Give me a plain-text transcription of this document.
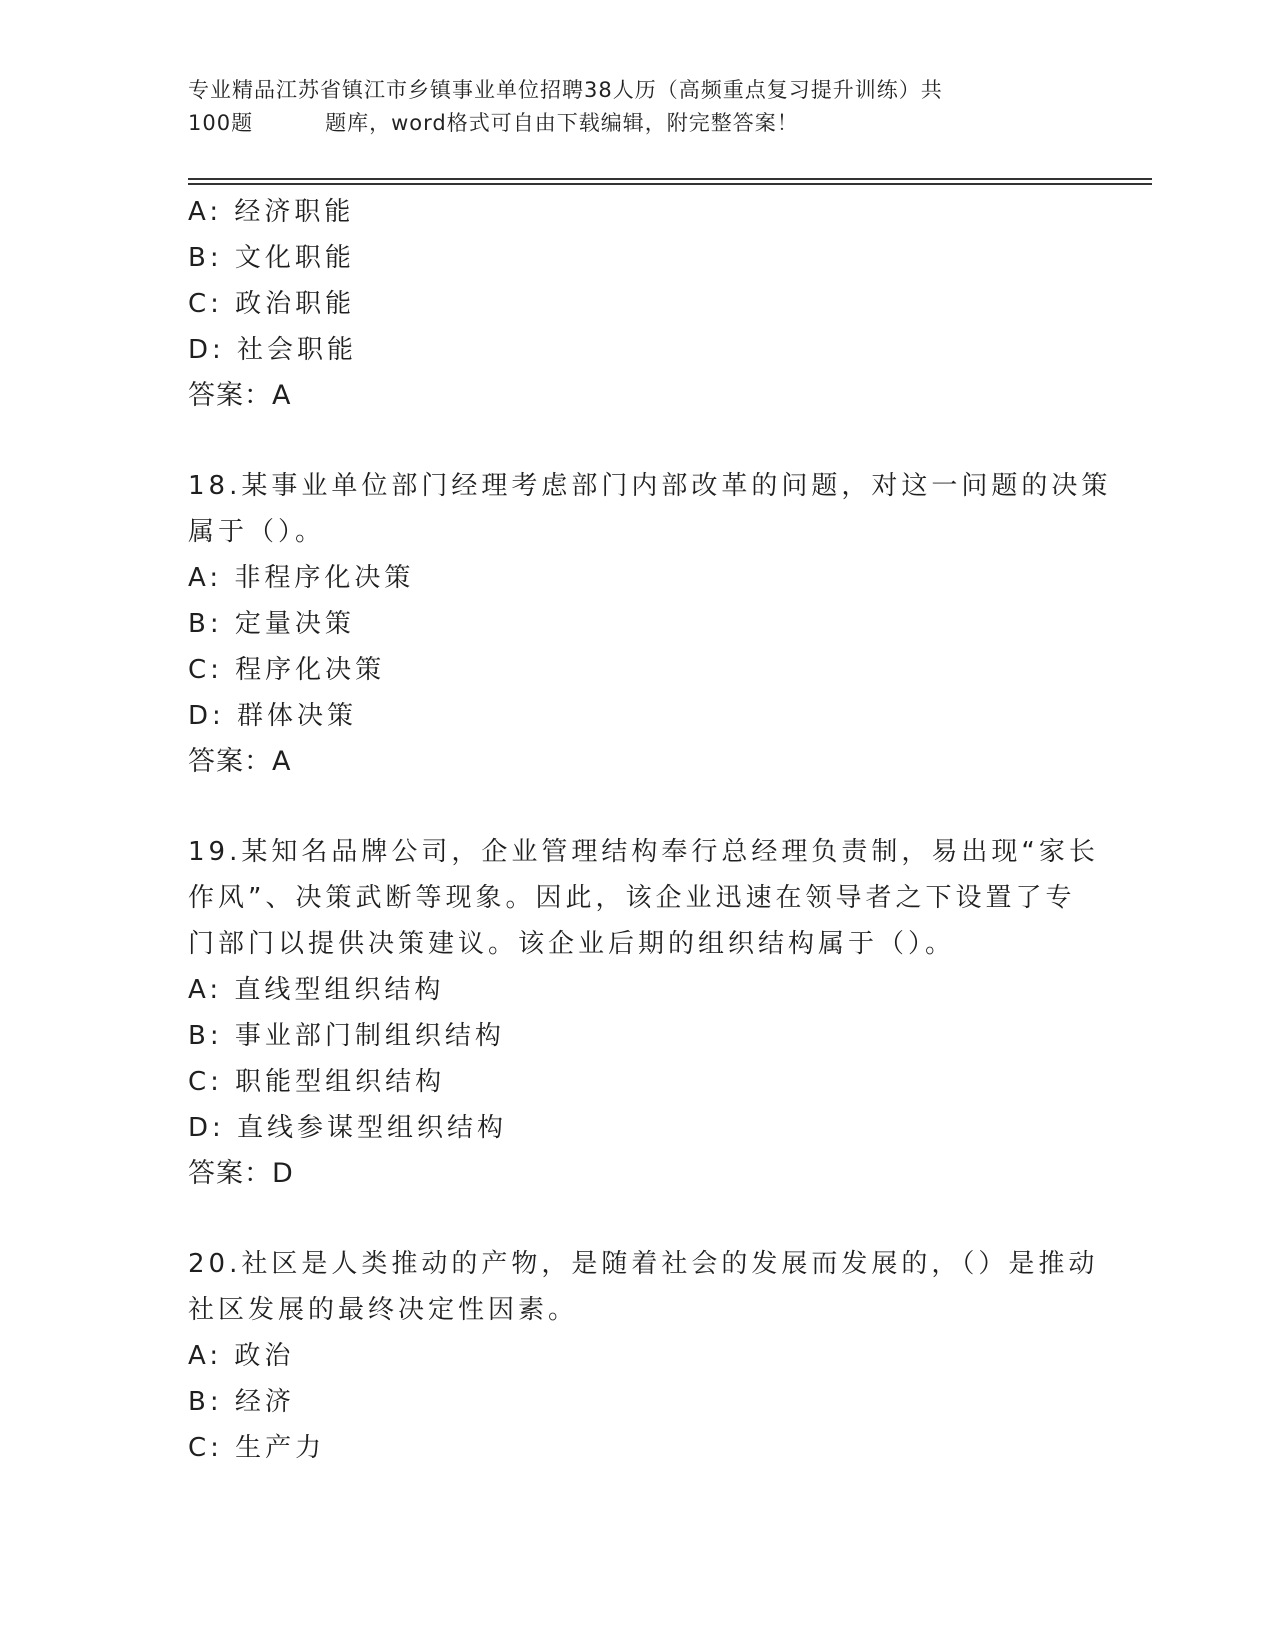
专业精品江苏省镇江市乡镇事业单位招聘38人历（高频重点复习提升训练）共
100题	题库，word格式可自由下载编辑，附完整答案！
A: 经济职能
B: 文化职能
C: 政治职能
D: 社会职能
答案：A
18.某事业单位部门经理考虑部门内部改革的问题，对这一问题的决策
属于（）。
A: 非程序化决策
B: 定量决策
C: 程序化决策
D: 群体决策
答案：A
19.某知名品牌公司，企业管理结构奉行总经理负责制，易出现“家长
作风”、决策武断等现象。因此，该企业迅速在领导者之下设置了专
门部门以提供决策建议。该企业后期的组织结构属于（）。
A: 直线型组织结构
B: 事业部门制组织结构
C: 职能型组织结构
D: 直线参谋型组织结构
答案：D
20.社区是人类推动的产物，是随着社会的发展而发展的，（）是推动
社区发展的最终决定性因素。
A: 政治
B: 经济
C: 生产力
